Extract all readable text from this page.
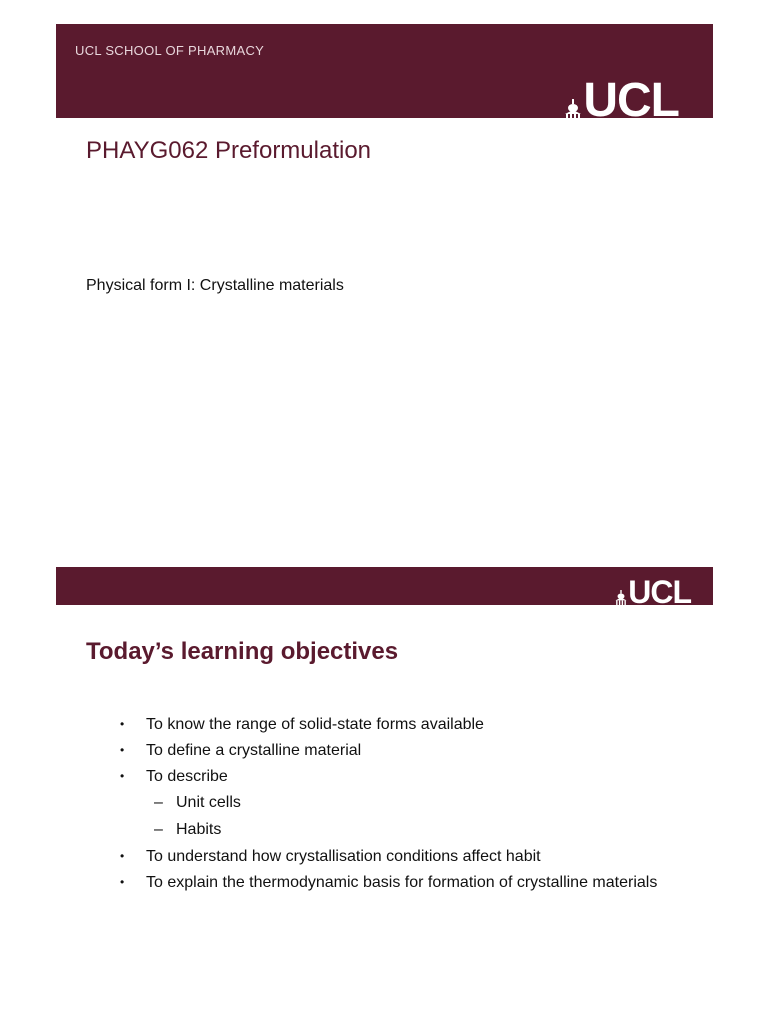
UCL SCHOOL OF PHARMACY
UCL
PHAYG062 Preformulation
Physical form I: Crystalline materials
UCL
Today’s learning objectives
• To know the range of solid-state forms available
• To define a crystalline material
• To describe
– Unit cells
– Habits
• To understand how crystallisation conditions affect habit
• To explain the thermodynamic basis for formation of crystalline materials
